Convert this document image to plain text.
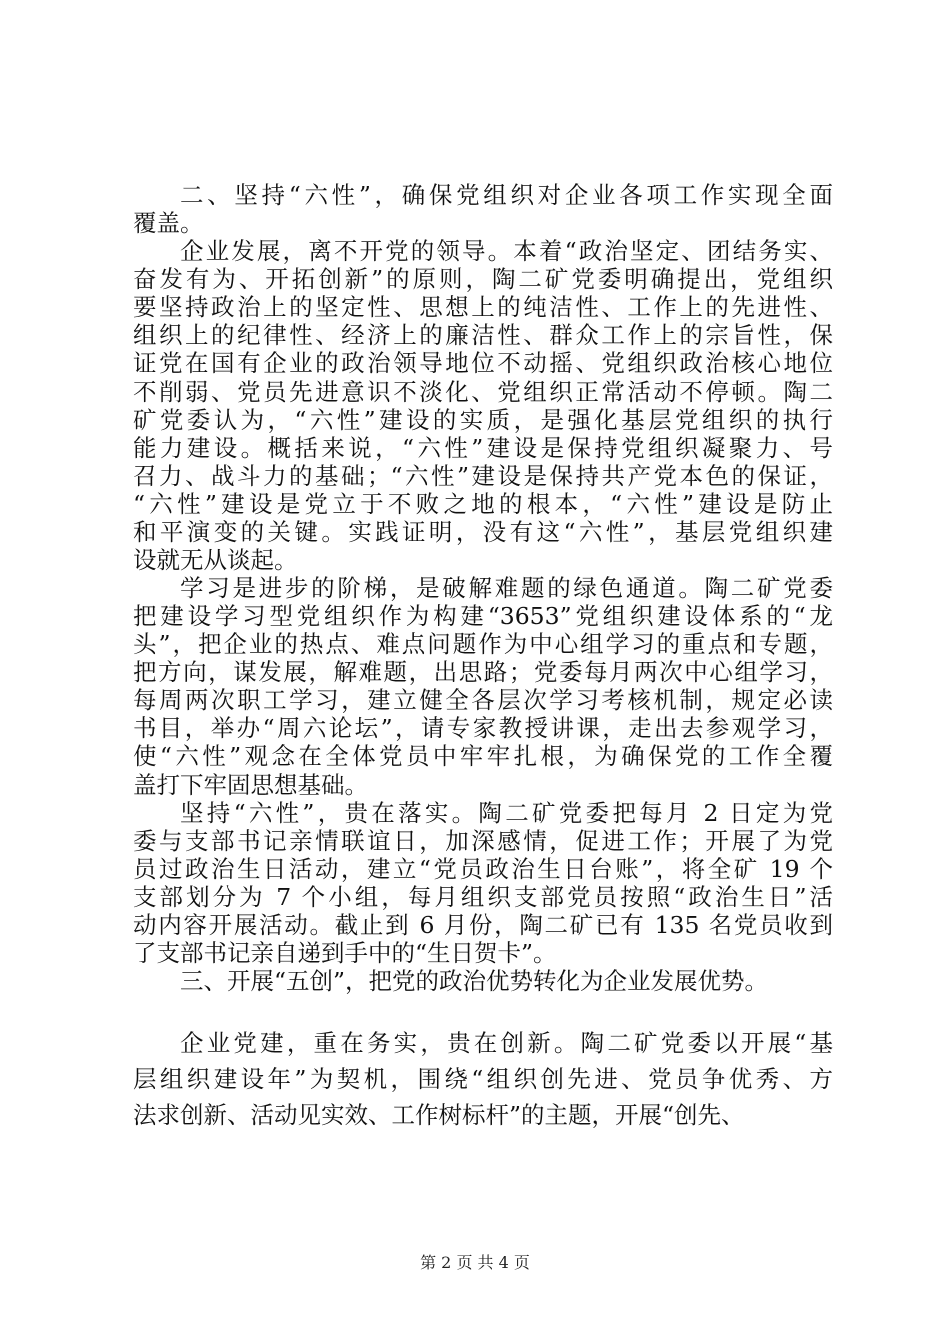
二、坚持“六性”，确保党组织对企业各项工作实现全面
覆盖。
企业发展，离不开党的领导。本着“政治坚定、团结务实、
奋发有为、开拓创新”的原则，陶二矿党委明确提出，党组织
要坚持政治上的坚定性、思想上的纯洁性、工作上的先进性、
组织上的纪律性、经济上的廉洁性、群众工作上的宗旨性，保
证党在国有企业的政治领导地位不动摇、党组织政治核心地位
不削弱、党员先进意识不淡化、党组织正常活动不停顿。陶二
矿党委认为，“六性”建设的实质，是强化基层党组织的执行
能力建设。概括来说，“六性”建设是保持党组织凝聚力、号
召力、战斗力的基础；“六性”建设是保持共产党本色的保证，
“六性”建设是党立于不败之地的根本，“六性”建设是防止
和平演变的关键。实践证明，没有这“六性”，基层党组织建
设就无从谈起。
学习是进步的阶梯，是破解难题的绿色通道。陶二矿党委
把建设学习型党组织作为构建“3653”党组织建设体系的“龙
头”，把企业的热点、难点问题作为中心组学习的重点和专题，
把方向，谋发展，解难题，出思路；党委每月两次中心组学习，
每周两次职工学习，建立健全各层次学习考核机制，规定必读
书目，举办“周六论坛”，请专家教授讲课，走出去参观学习，
使“六性”观念在全体党员中牢牢扎根，为确保党的工作全覆
盖打下牢固思想基础。
坚持“六性”，贵在落实。陶二矿党委把每月 2 日定为党
委与支部书记亲情联谊日，加深感情，促进工作；开展了为党
员过政治生日活动，建立“党员政治生日台账”，将全矿 19 个
支部划分为 7 个小组，每月组织支部党员按照“政治生日”活
动内容开展活动。截止到 6 月份，陶二矿已有 135 名党员收到
了支部书记亲自递到手中的“生日贺卡”。
三、开展“五创”，把党的政治优势转化为企业发展优势。
企业党建，重在务实，贵在创新。陶二矿党委以开展“基
层组织建设年”为契机，围绕“组织创先进、党员争优秀、方
法求创新、活动见实效、工作树标杆”的主题，开展“创先、
第 2 页 共 4 页
